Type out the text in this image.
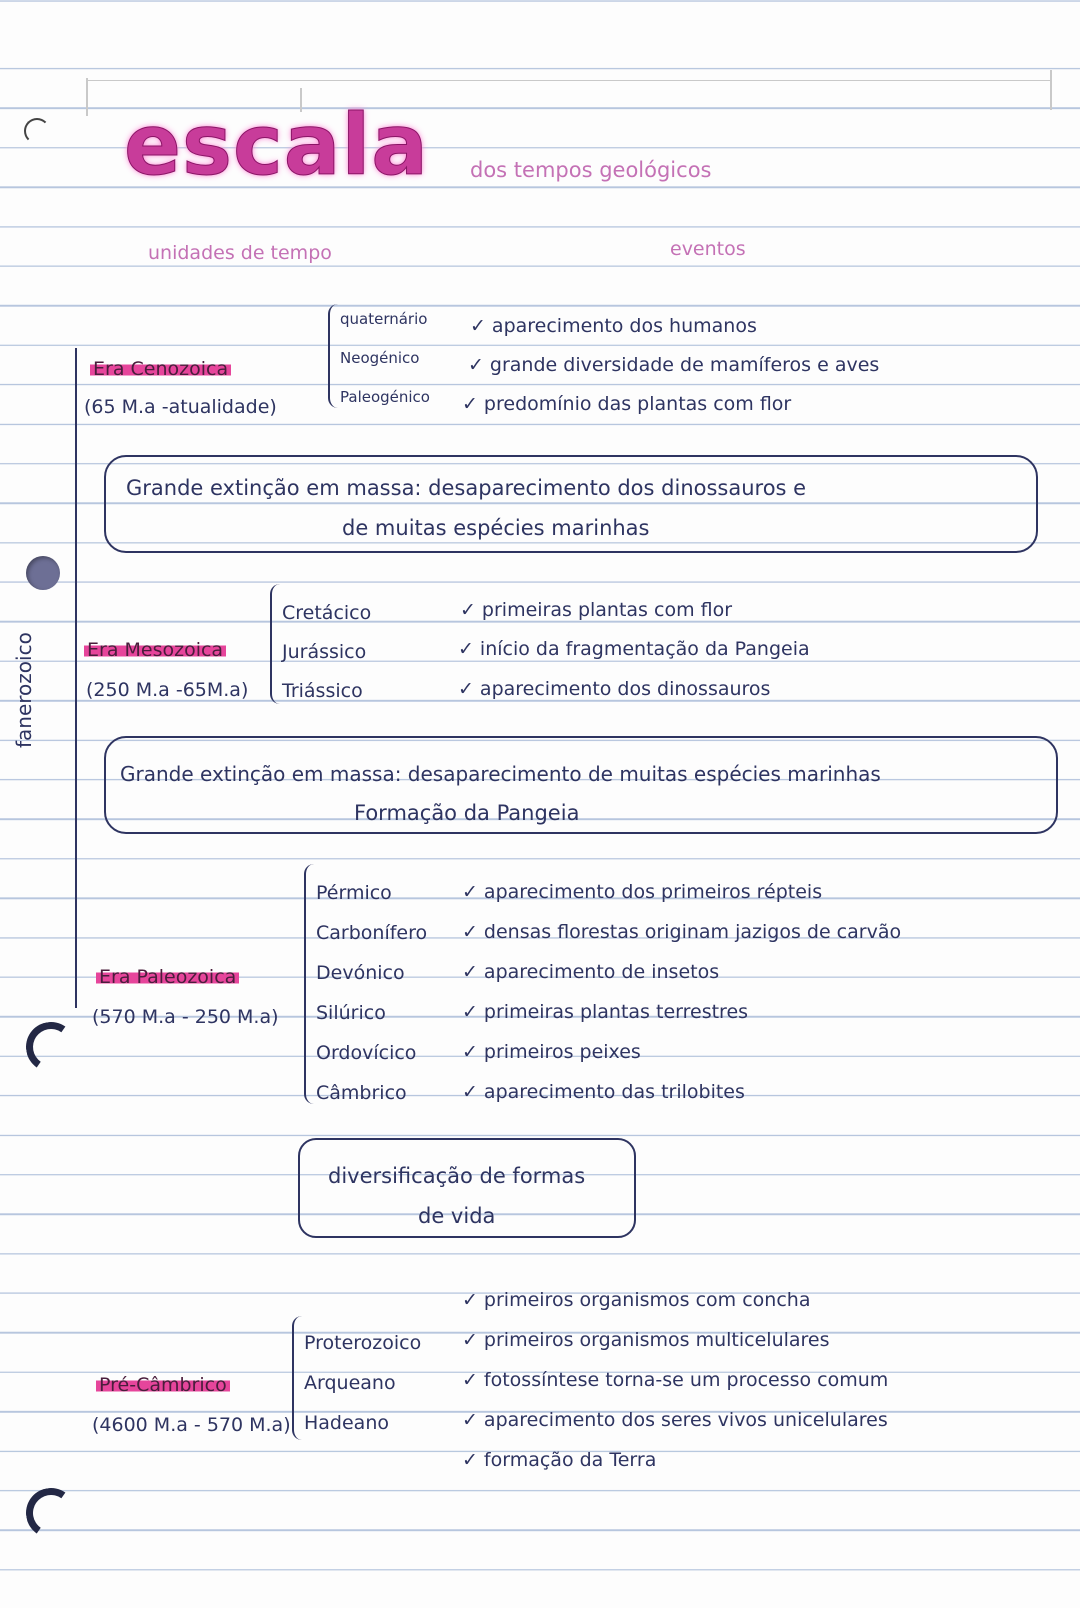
escala dos tempos geológicos
unidades de tempo	eventos
fanerozoico
Era Cenozoica
(65 M.a -atualidade)
quaternário
Neogénico
Paleogénico
✓ aparecimento dos humanos
✓ grande diversidade de mamíferos e aves
✓ predomínio das plantas com flor
Grande extinção em massa: desaparecimento dos dinossauros e
de muitas espécies marinhas
Era Mesozoica
(250 M.a -65M.a)
Cretácico
Jurássico
Triássico
✓ primeiras plantas com flor
✓ início da fragmentação da Pangeia
✓ aparecimento dos dinossauros
Grande extinção em massa: desaparecimento de muitas espécies marinhas
Formação da Pangeia
Era Paleozoica
(570 M.a - 250 M.a)
Pérmico
Carbonífero
Devónico
Silúrico
Ordovícico
Câmbrico
✓ aparecimento dos primeiros répteis
✓ densas florestas originam jazigos de carvão
✓ aparecimento de insetos
✓ primeiras plantas terrestres
✓ primeiros peixes
✓ aparecimento das trilobites
diversificação de formas
de vida
Pré-Câmbrico
(4600 M.a - 570 M.a)
Proterozoico
Arqueano
Hadeano
✓ primeiros organismos com concha
✓ primeiros organismos multicelulares
✓ fotossíntese torna-se um processo comum
✓ aparecimento dos seres vivos unicelulares
✓ formação da Terra
